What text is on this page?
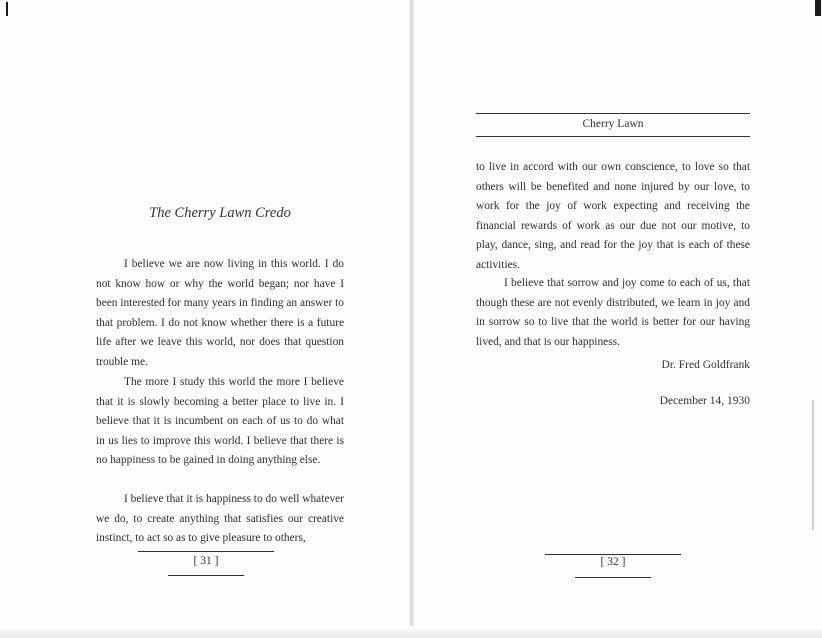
The Cherry Lawn Credo

I believe we are now living in this world. I do not know how or why the world began; nor have I been interested for many years in finding an answer to that problem. I do not know whether there is a future life after we leave this world, nor does that question trouble me.

The more I study this world the more I believe that it is slowly becoming a better place to live in. I believe that it is incumbent on each of us to do what in us lies to improve this world. I believe that there is no happiness to be gained in doing anything else.

I believe that it is happiness to do well whatever we do, to create anything that satisfies our creative instinct, to act so as to give pleasure to others,

[ 31 ]
Cherry Lawn

to live in accord with our own conscience, to love so that others will be benefited and none injured by our love, to work for the joy of work expecting and receiving the financial rewards of work as our due not our motive, to play, dance, sing, and read for the joy that is each of these activities.

I believe that sorrow and joy come to each of us, that though these are not evenly distributed, we learn in joy and in sorrow so to live that the world is better for our having lived, and that is our happiness.

Dr. Fred Goldfrank
December 14, 1930
[ 32 ]
